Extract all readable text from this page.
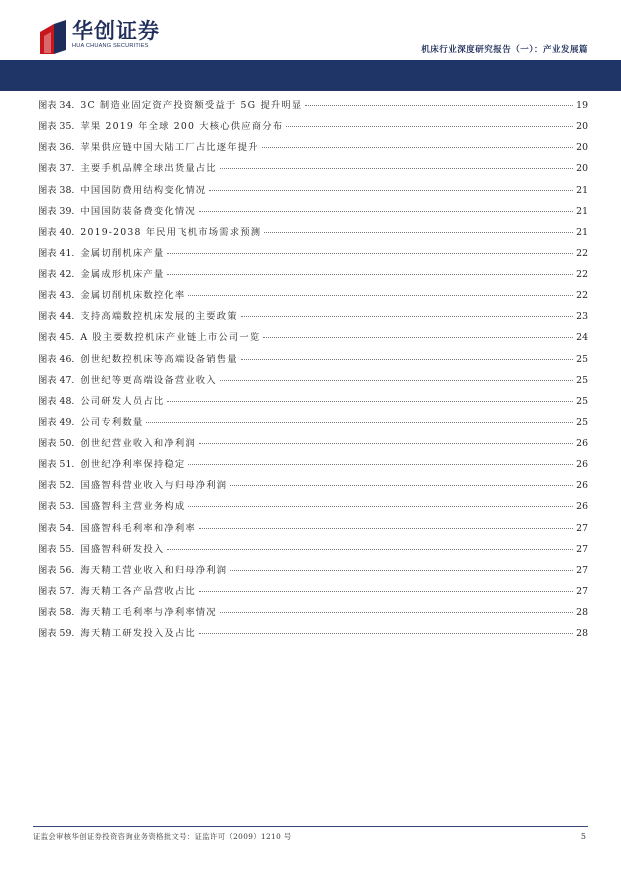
华创证券
HUA CHUANG SECURITIES	机床行业深度研究报告（一）：产业发展篇
图表 34. 3C 制造业固定资产投资额受益于 5G 提升明显	19
图表 35. 苹果 2019 年全球 200 大核心供应商分布	20
图表 36. 苹果供应链中国大陆工厂占比逐年提升	20
图表 37. 主要手机品牌全球出货量占比	20
图表 38. 中国国防费用结构变化情况	21
图表 39. 中国国防装备费变化情况	21
图表 40. 2019-2038 年民用飞机市场需求预测	21
图表 41. 金属切削机床产量	22
图表 42. 金属成形机床产量	22
图表 43. 金属切削机床数控化率	22
图表 44. 支持高端数控机床发展的主要政策	23
图表 45. A 股主要数控机床产业链上市公司一览	24
图表 46. 创世纪数控机床等高端设备销售量	25
图表 47. 创世纪等更高端设备营业收入	25
图表 48. 公司研发人员占比	25
图表 49. 公司专利数量	25
图表 50. 创世纪营业收入和净利润	26
图表 51. 创世纪净利率保持稳定	26
图表 52. 国盛智科营业收入与归母净利润	26
图表 53. 国盛智科主营业务构成	26
图表 54. 国盛智科毛利率和净利率	27
图表 55. 国盛智科研发投入	27
图表 56. 海天精工营业收入和归母净利润	27
图表 57. 海天精工各产品营收占比	27
图表 58. 海天精工毛利率与净利率情况	28
图表 59. 海天精工研发投入及占比	28
证监会审核华创证券投资咨询业务资格批文号：证监许可（2009）1210 号	5
